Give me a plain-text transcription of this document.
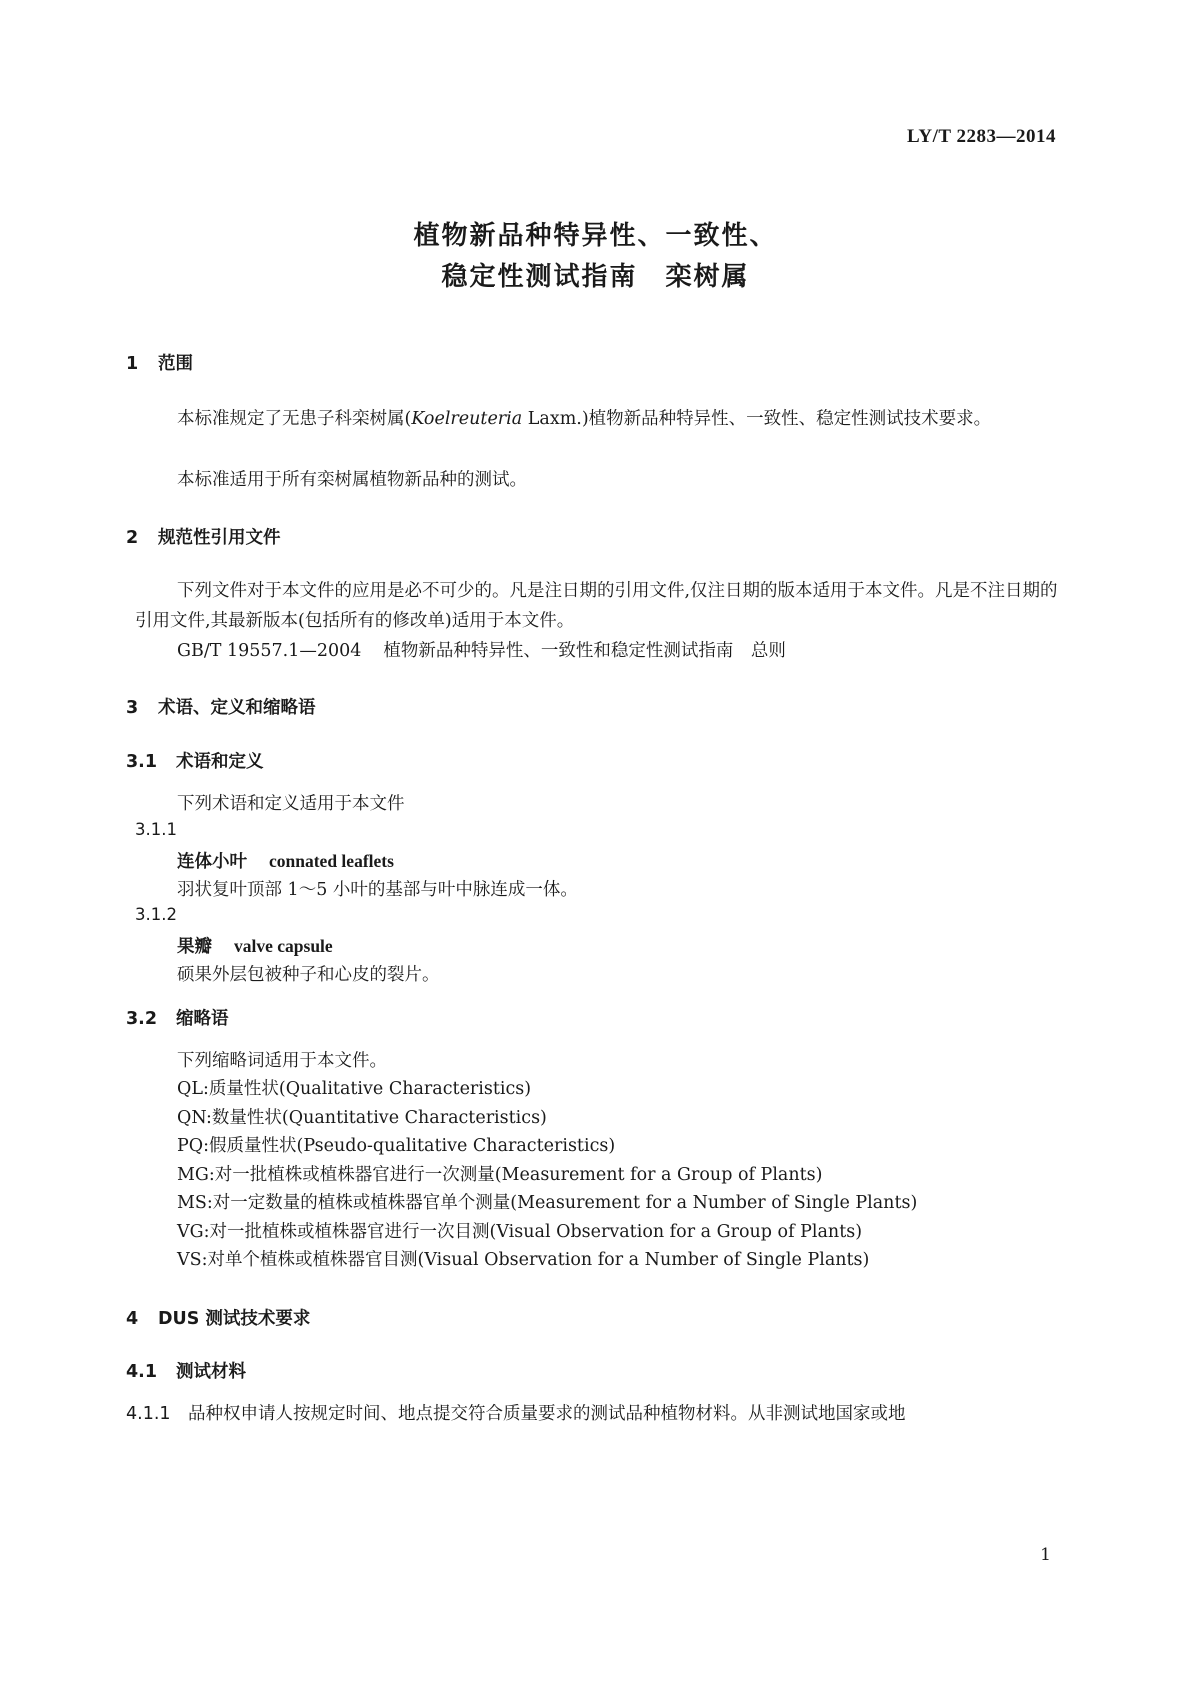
LY/T 2283—2014
植物新品种特异性、一致性、
稳定性测试指南　栾树属
1 范围
本标准规定了无患子科栾树属(Koelreuteria Laxm.)植物新品种特异性、一致性、稳定性测试技术要求。
本标准适用于所有栾树属植物新品种的测试。
2 规范性引用文件
下列文件对于本文件的应用是必不可少的。凡是注日期的引用文件,仅注日期的版本适用于本文件。凡是不注日期的引用文件,其最新版本(包括所有的修改单)适用于本文件。
GB/T 19557.1—2004 植物新品种特异性、一致性和稳定性测试指南　总则
3 术语、定义和缩略语
3.1 术语和定义
下列术语和定义适用于本文件
3.1.1
连体小叶 connated leaflets
羽状复叶顶部 1～5 小叶的基部与叶中脉连成一体。
3.1.2
果瓣 valve capsule
硕果外层包被种子和心皮的裂片。
3.2 缩略语
下列缩略词适用于本文件。
QL:质量性状(Qualitative Characteristics)
QN:数量性状(Quantitative Characteristics)
PQ:假质量性状(Pseudo-qualitative Characteristics)
MG:对一批植株或植株器官进行一次测量(Measurement for a Group of Plants)
MS:对一定数量的植株或植株器官单个测量(Measurement for a Number of Single Plants)
VG:对一批植株或植株器官进行一次目测(Visual Observation for a Group of Plants)
VS:对单个植株或植株器官目测(Visual Observation for a Number of Single Plants)
4 DUS 测试技术要求
4.1 测试材料
4.1.1 品种权申请人按规定时间、地点提交符合质量要求的测试品种植物材料。从非测试地国家或地
1
